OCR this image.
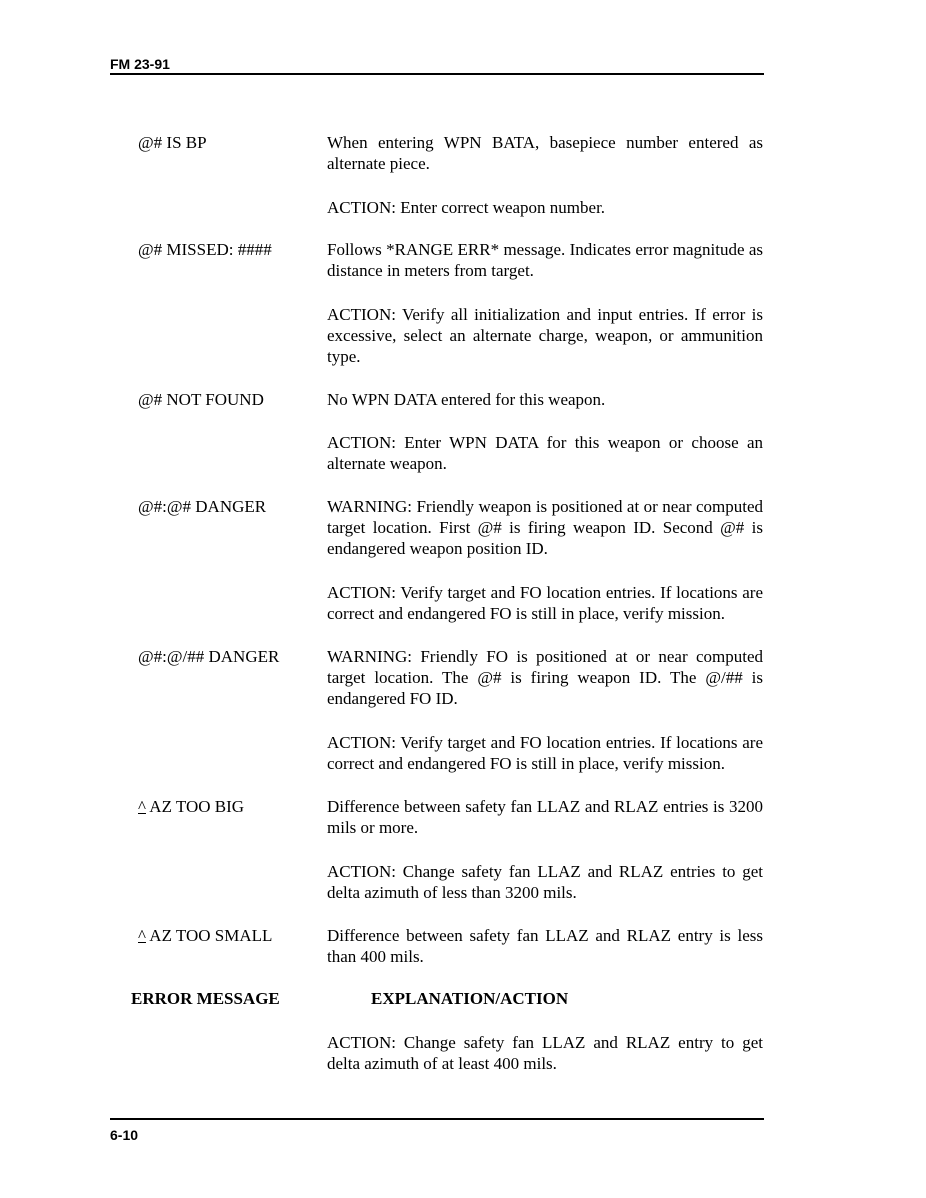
FM 23-91
@# IS BP	When entering WPN BATA, basepiece number entered as alternate piece.
ACTION: Enter correct weapon number.
@# MISSED: ####	Follows *RANGE ERR* message. Indicates error magnitude as distance in meters from target.
ACTION: Verify all initialization and input entries. If error is excessive, select an alternate charge, weapon, or ammunition type.
@# NOT FOUND	No WPN DATA entered for this weapon.
ACTION: Enter WPN DATA for this weapon or choose an alternate weapon.
@#:@# DANGER	WARNING: Friendly weapon is positioned at or near computed target location. First @# is firing weapon ID. Second @# is endangered weapon position ID.
ACTION: Verify target and FO location entries. If locations are correct and endangered FO is still in place, verify mission.
@#:@/## DANGER	WARNING: Friendly FO is positioned at or near computed target location. The @# is firing weapon ID. The @/## is endangered FO ID.
ACTION: Verify target and FO location entries. If locations are correct and endangered FO is still in place, verify mission.
^ AZ TOO BIG	Difference between safety fan LLAZ and RLAZ entries is 3200 mils or more.
ACTION: Change safety fan LLAZ and RLAZ entries to get delta azimuth of less than 3200 mils.
^ AZ TOO SMALL	Difference between safety fan LLAZ and RLAZ entry is less than 400 mils.
ERROR MESSAGE	EXPLANATION/ACTION
ACTION: Change safety fan LLAZ and RLAZ entry to get delta azimuth of at least 400 mils.
6-10
